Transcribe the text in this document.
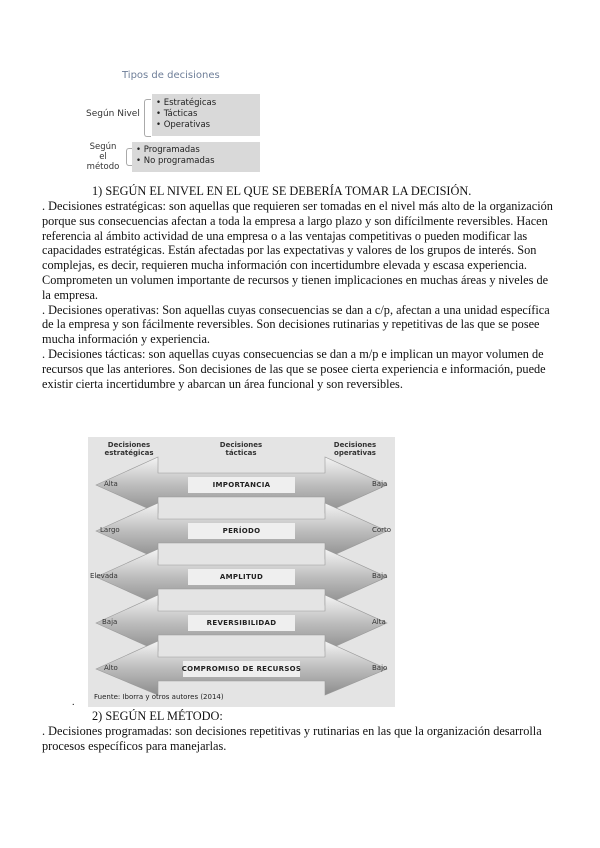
Tipos de decisiones
Según Nivel
• Estratégicas
• Tácticas
• Operativas
Según
el
método
• Programadas
• No programadas
1) SEGÚN EL NIVEL EN EL QUE SE DEBERÍA TOMAR LA DECISIÓN.

. Decisiones estratégicas: son aquellas que requieren ser tomadas en el nivel más alto de la organización porque sus consecuencias afectan a toda la empresa a largo plazo y son difícilmente reversibles. Hacen referencia al ámbito actividad de una empresa o a las ventajas competitivas o pueden modificar las capacidades estratégicas. Están afectadas por las expectativas y valores de los grupos de interés. Son complejas, es decir, requieren mucha información con incertidumbre elevada y escasa experiencia. Comprometen un volumen importante de recursos y tienen implicaciones en muchas áreas y niveles de la empresa.

. Decisiones operativas: Son aquellas cuyas consecuencias se dan a c/p, afectan a una unidad específica de la empresa y son fácilmente reversibles. Son decisiones rutinarias y repetitivas de las que se posee mucha información y experiencia.

. Decisiones tácticas: son aquellas cuyas consecuencias se dan a m/p e implican un mayor volumen de recursos que las anteriores. Son decisiones de las que se posee cierta experiencia e información, puede existir cierta incertidumbre y abarcan un área funcional y son reversibles.

Decisiones estratégicas
Decisiones tácticas
Decisiones operativas
IMPORTANCIA
Alta	Baja
PERÍODO
Largo	Corto
AMPLITUD
Elevada	Baja
REVERSIBILIDAD
Baja	Alta
COMPROMISO DE RECURSOS
Alto	Bajo
Fuente: Iborra y otros autores (2014)
.
2) SEGÚN EL MÉTODO:

. Decisiones programadas: son decisiones repetitivas y rutinarias en las que la organización desarrolla procesos específicos para manejarlas.
